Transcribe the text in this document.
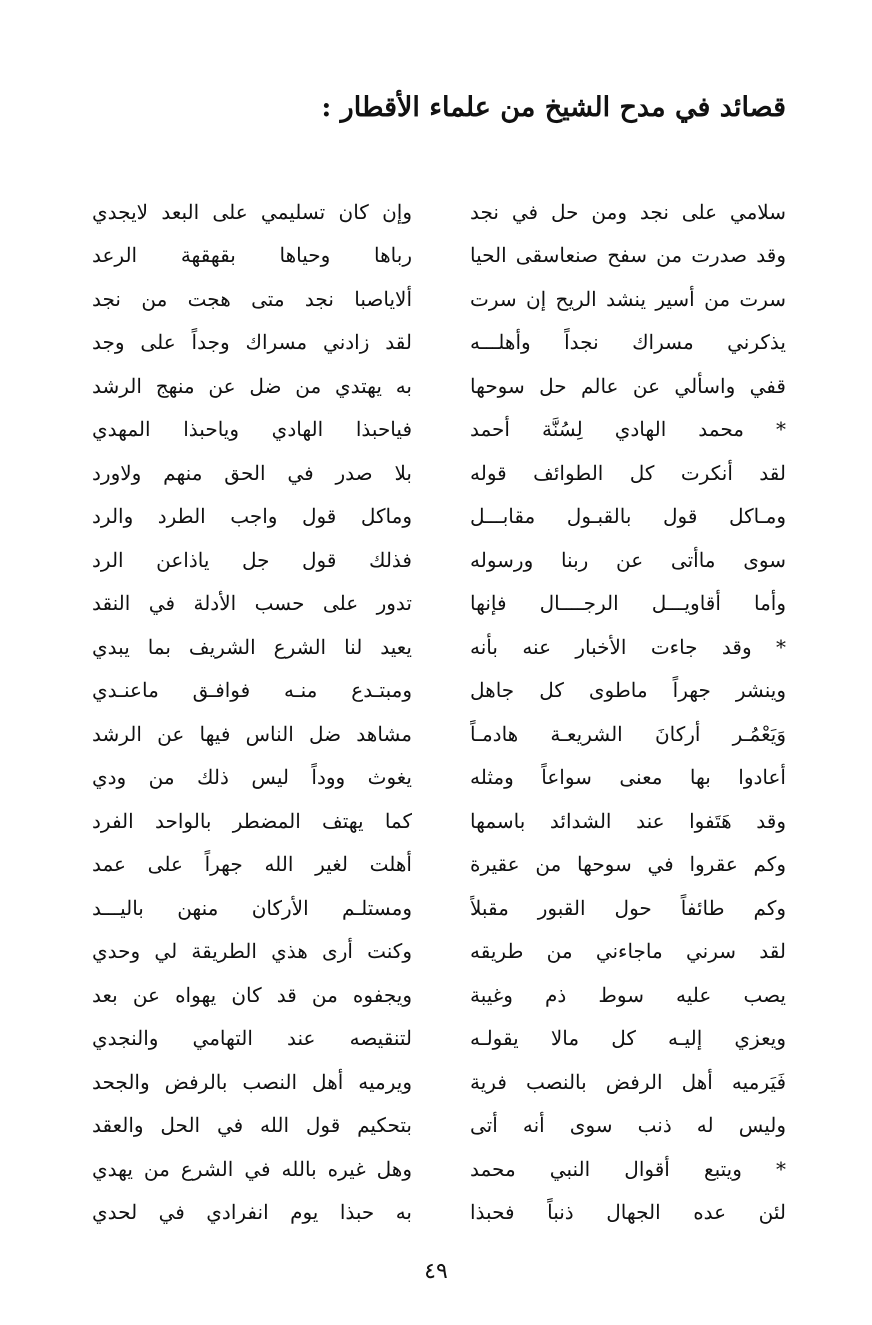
قصائد في مدح الشيخ من علماء الأقطار :
سلامي على نجد ومن حل في نجد
وإن كان تسليمي على البعد لايجدي
وقد صدرت من سفح صنعاسقى الحيا
رباها وحياها بقهقهة الرعد
سرت من أسير ينشد الريح إن سرت
ألاياصبا نجد متى هجت من نجد
يذكرني مسراك نجداً وأهلـــه
لقد زادني مسراك وجداً على وجد
قفي واسألي عن عالم حل سوحها
به يهتدي من ضل عن منهج الرشد
* محمد الهادي لِسُنَّة أحمد
فياحبذا الهادي وياحبذا المهدي
لقد أنكرت كل الطوائف قوله
بلا صدر في الحق منهم ولاورد
ومـاكل قول بالقبـول مقابـــل
وماكل قول واجب الطرد والرد
سوى ماأتى عن ربنا ورسوله
فذلك قول جل ياذاعن الرد
وأما أقاويـــل الرجــــال فإنها
تدور على حسب الأدلة في النقد
* وقد جاءت الأخبار عنه بأنه
يعيد لنا الشرع الشريف بما يبدي
وينشر جهراً ماطوى كل جاهل
ومبتـدع منـه فوافـق ماعنـدي
وَيَعْمُـر أركانَ الشريعـة هادمـاً
مشاهد ضل الناس فيها عن الرشد
أعادوا بها معنى سواعاً ومثله
يغوث ووداً ليس ذلك من ودي
وقد هَتَفوا عند الشدائد باسمها
كما يهتف المضطر بالواحد الفرد
وكم عقروا في سوحها من عقيرة
أهلت لغير الله جهراً على عمد
وكم طائفاً حول القبور مقبلاً
ومستلـم الأركان منهن باليـــد
لقد سرني ماجاءني من طريقه
وكنت أرى هذي الطريقة لي وحدي
يصب عليه سوط ذم وغيبة
ويجفوه من قد كان يهواه عن بعد
ويعزي إليـه كل مالا يقولـه
لتنقيصه عند التهامي والنجدي
فَيَرميه أهل الرفض بالنصب فرية
ويرميه أهل النصب بالرفض والجحد
وليس له ذنب سوى أنه أتى
بتحكيم قول الله في الحل والعقد
* ويتبع أقوال النبي محمد
وهل غيره بالله في الشرع من يهدي
لئن عده الجهال ذنباً فحبذا
به حبذا يوم انفرادي في لحدي
٤٩
